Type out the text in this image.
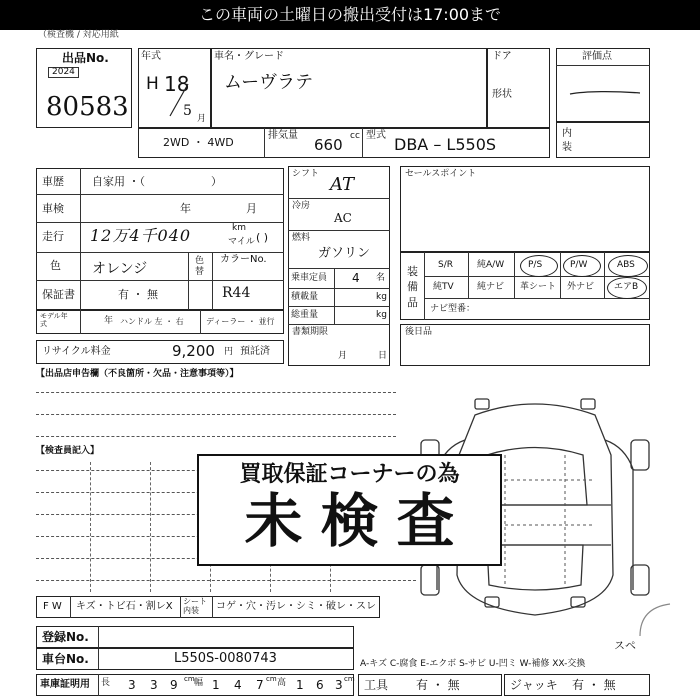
この車両の土曜日の搬出受付は17:00まで
（検査機 / 対応用紙
出品No.
2024
80583
年式
H 18
5 月
車名・グレード
ムーヴラテ
ドア
形状
評価点
内装
2WD ・ 4WD
排気量
660 cc 型式 DBA – L550S
車歴	自家用 ・（　　　　　　）
車検	年	月
走行 12万4千040	km
マイル ( )
色 オレンジ	色替
カラーNo.
R44
保証書	有 ・ 無
モデル年式	年 ハンドル 左 ・ 右	ディーラー ・ 並行
リサイクル料金	9,200 円 預託済
シフト AT
冷房
AC
燃料
ガソリン
乗車定員 4 名
積載量	kg
総重量	kg
書類期限
月	日
セールスポイント
装備品
S/R	純A/W	P/S	P/W	ABS
純TV	純ナビ 革シート 外ナビ エアB
ナビ型番：
後日品
【出品店申告欄（不良箇所・欠品・注意事項等）】
【検査員記入】
買取保証コーナーの為
未検査
F W キズ・トビ石・割レX シート内装	コゲ・穴・汚レ・シミ・破レ・スレ
登録No.
車台No.	L550S-0080743	A-キズ C-腐食 E-エクボ S-サビ U-凹ミ W-補修 XX-交換
スペ
車庫証明用 長 3 3 9 cm 幅 1 4 7 cm 高 1 6 3 cm 工具 有 ・ 無	ジャッキ 有 ・ 無
